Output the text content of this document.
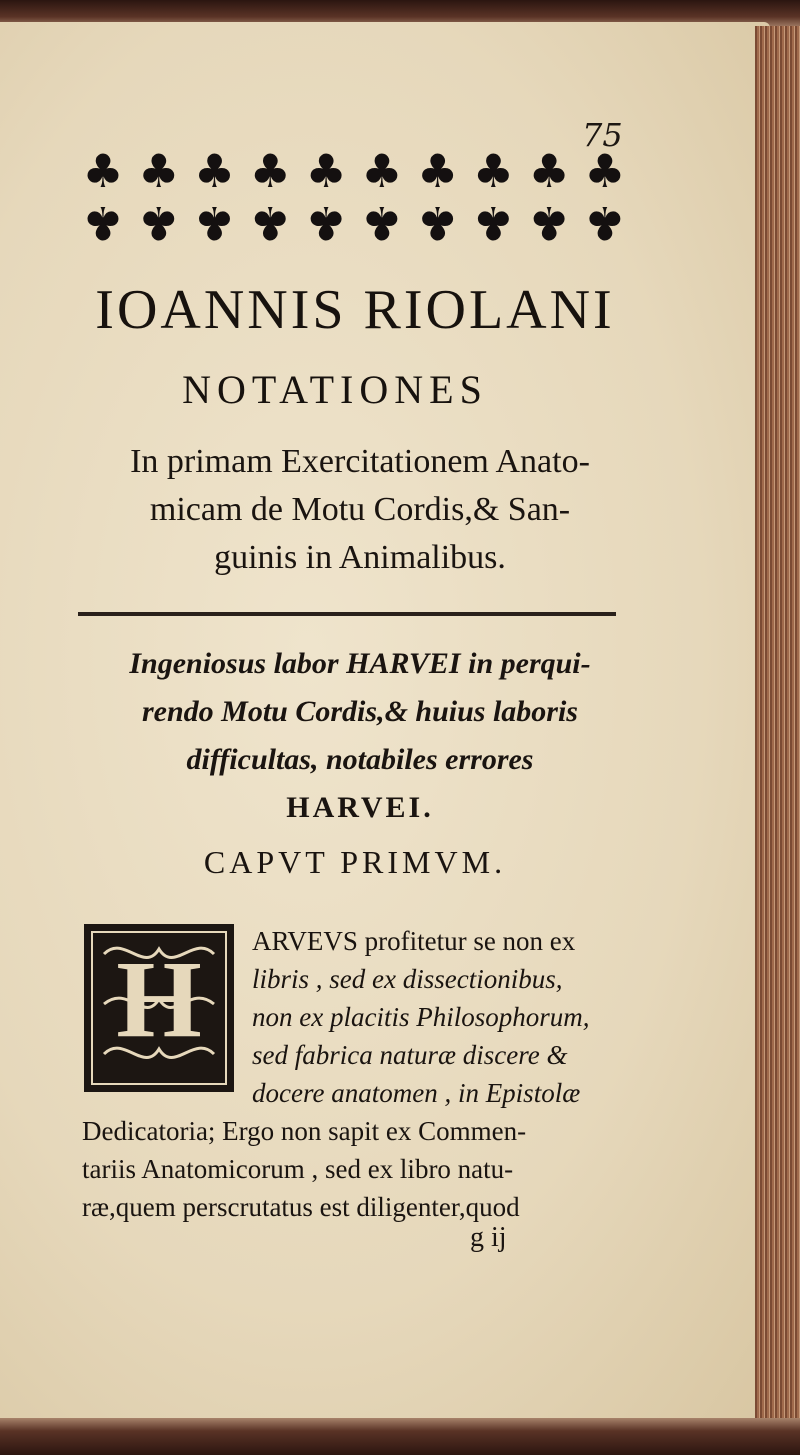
75
♣ ♣ ♣ ♣ ♣ ♣ ♣ ♣ ♣ ♣
♣ ♣ ♣ ♣ ♣ ♣ ♣ ♣ ♣ ♣
IOANNIS RIOLANI
NOTATIONES
In primam Exercitationem Anato-
micam de Motu Cordis,& San-
guinis in Animalibus.
Ingeniosus labor HARVEI in perqui-
rendo Motu Cordis,& huius laboris
difficultas, notabiles errores
HARVEI.
CAPVT PRIMVM.
H ARVEVS profitetur se non ex
libris , sed ex dissectionibus,
non ex placitis Philosophorum,
sed fabrica naturæ discere &
docere anatomen , in Epistolæ
Dedicatoria; Ergo non sapit ex Commen-
tariis Anatomicorum , sed ex libro natu-
ræ,quem perscrutatus est diligenter,quod
g ij
